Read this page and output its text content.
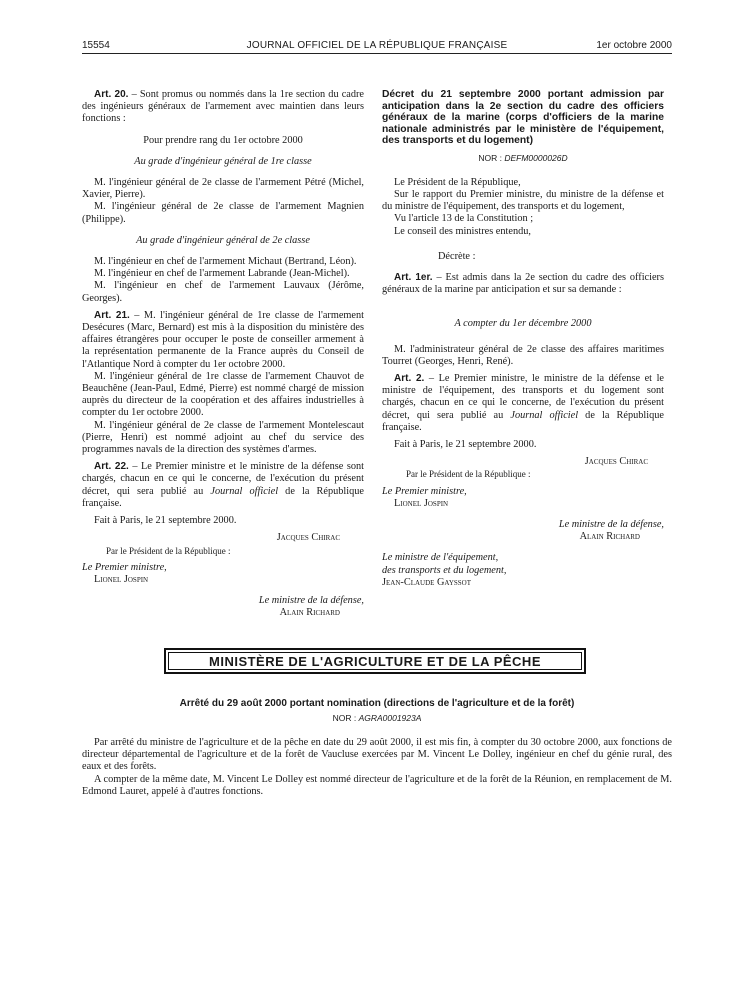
15554	JOURNAL OFFICIEL DE LA RÉPUBLIQUE FRANÇAISE	1er octobre 2000

Art. 20. – Sont promus ou nommés dans la 1re section du cadre des ingénieurs généraux de l'armement avec maintien dans leurs fonctions :

Pour prendre rang du 1er octobre 2000

Au grade d'ingénieur général de 1re classe

M. l'ingénieur général de 2e classe de l'armement Pétré (Michel, Xavier, Pierre).

M. l'ingénieur général de 2e classe de l'armement Magnien (Philippe).

Au grade d'ingénieur général de 2e classe

M. l'ingénieur en chef de l'armement Michaut (Bertrand, Léon).

M. l'ingénieur en chef de l'armement Labrande (Jean-Michel).

M. l'ingénieur en chef de l'armement Lauvaux (Jérôme, Georges).

Art. 21. – M. l'ingénieur général de 1re classe de l'armement Desécures (Marc, Bernard) est mis à la disposition du ministère des affaires étrangères pour occuper le poste de conseiller armement à la représentation permanente de la France auprès du Conseil de l'Atlantique Nord à compter du 1er octobre 2000.

M. l'ingénieur général de 1re classe de l'armement Chauvot de Beauchêne (Jean-Paul, Edmé, Pierre) est nommé chargé de mission auprès du directeur de la coopération et des affaires industrielles à compter du 1er octobre 2000.

M. l'ingénieur général de 2e classe de l'armement Montelescaut (Pierre, Henri) est nommé adjoint au chef du service des programmes navals de la direction des systèmes d'armes.

Art. 22. – Le Premier ministre et le ministre de la défense sont chargés, chacun en ce qui le concerne, de l'exécution du présent décret, qui sera publié au Journal officiel de la République française.

Fait à Paris, le 21 septembre 2000.

Jacques Chirac

Par le Président de la République :

Le Premier ministre,

Lionel Jospin

Le ministre de la défense,

Alain Richard

Décret du 21 septembre 2000 portant admission par anticipation dans la 2e section du cadre des officiers généraux de la marine (corps d'officiers de la marine nationale administrés par le ministère de l'équipement, des transports et du logement)

NOR : DEFM0000026D

Le Président de la République,

Sur le rapport du Premier ministre, du ministre de la défense et du ministre de l'équipement, des transports et du logement,

Vu l'article 13 de la Constitution ;

Le conseil des ministres entendu,

Décrète :

Art. 1er. – Est admis dans la 2e section du cadre des officiers généraux de la marine par anticipation et sur sa demande :

A compter du 1er décembre 2000

M. l'administrateur général de 2e classe des affaires maritimes Tourret (Georges, Henri, René).

Art. 2. – Le Premier ministre, le ministre de la défense et le ministre de l'équipement, des transports et du logement sont chargés, chacun en ce qui le concerne, de l'exécution du présent décret, qui sera publié au Journal officiel de la République française.

Fait à Paris, le 21 septembre 2000.

Jacques Chirac

Par le Président de la République :

Le Premier ministre,

Lionel Jospin

Le ministre de la défense,

Alain Richard

Le ministre de l'équipement,

des transports et du logement,

Jean-Claude Gayssot

MINISTÈRE DE L'AGRICULTURE ET DE LA PÊCHE
Arrêté du 29 août 2000 portant nomination (directions de l'agriculture et de la forêt)
NOR : AGRA0001923A

Par arrêté du ministre de l'agriculture et de la pêche en date du 29 août 2000, il est mis fin, à compter du 30 octobre 2000, aux fonctions de directeur départemental de l'agriculture et de la forêt de Vaucluse exercées par M. Vincent Le Dolley, ingénieur en chef du génie rural, des eaux et des forêts.

A compter de la même date, M. Vincent Le Dolley est nommé directeur de l'agriculture et de la forêt de la Réunion, en remplacement de M. Edmond Lauret, appelé à d'autres fonctions.
